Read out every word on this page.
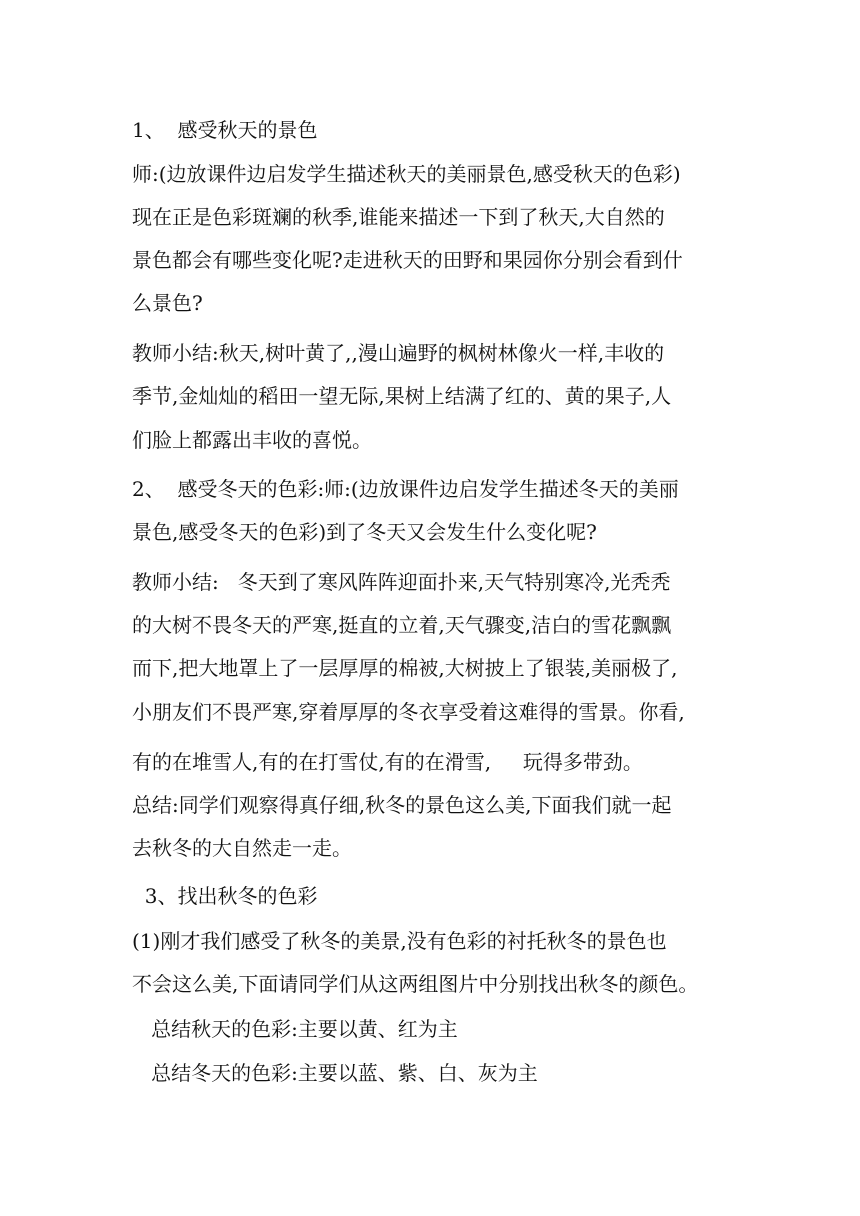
1、  感受秋天的景色
师:(边放课件边启发学生描述秋天的美丽景色,感受秋天的色彩)
现在正是色彩斑斓的秋季,谁能来描述一下到了秋天,大自然的
景色都会有哪些变化呢?走进秋天的田野和果园你分别会看到什
么景色?
教师小结:秋天,树叶黄了,,漫山遍野的枫树林像火一样,丰收的
季节,金灿灿的稻田一望无际,果树上结满了红的、黄的果子,人
们脸上都露出丰收的喜悦。
2、  感受冬天的色彩:师:(边放课件边启发学生描述冬天的美丽
景色,感受冬天的色彩)到了冬天又会发生什么变化呢?
教师小结:   冬天到了寒风阵阵迎面扑来,天气特别寒冷,光秃秃
的大树不畏冬天的严寒,挺直的立着,天气骤变,洁白的雪花飘飘
而下,把大地罩上了一层厚厚的棉被,大树披上了银装,美丽极了,
小朋友们不畏严寒,穿着厚厚的冬衣享受着这难得的雪景。你看,
有的在堆雪人,有的在打雪仗,有的在滑雪,     玩得多带劲。
总结:同学们观察得真仔细,秋冬的景色这么美,下面我们就一起
去秋冬的大自然走一走。
3、找出秋冬的色彩
(1)刚才我们感受了秋冬的美景,没有色彩的衬托秋冬的景色也
不会这么美,下面请同学们从这两组图片中分别找出秋冬的颜色。
总结秋天的色彩:主要以黄、红为主
总结冬天的色彩:主要以蓝、紫、白、灰为主
